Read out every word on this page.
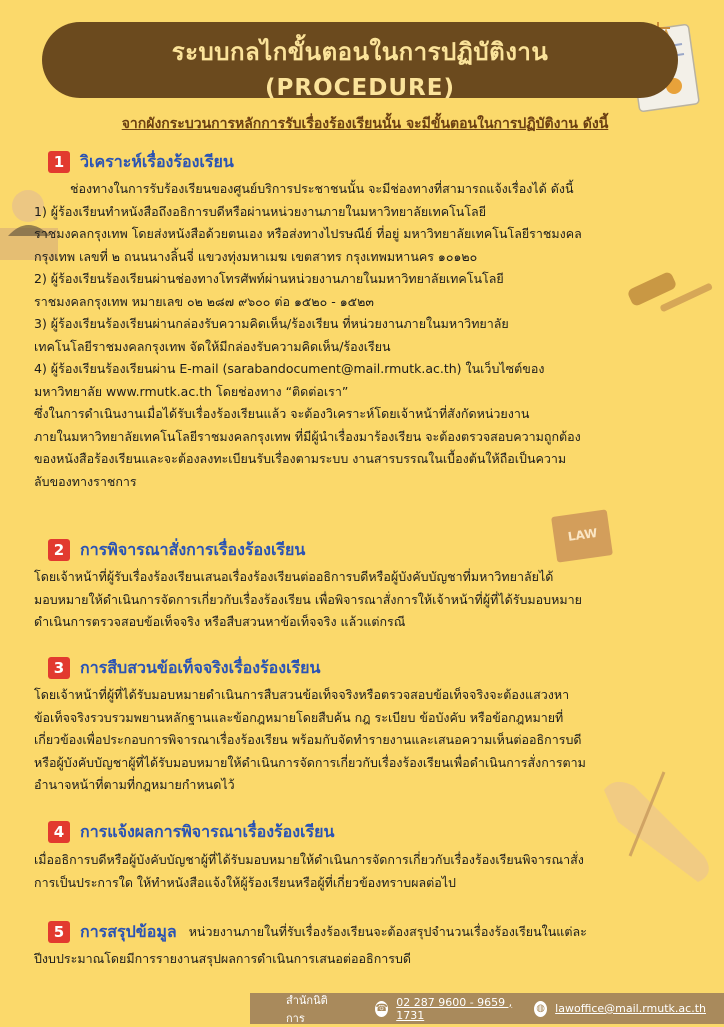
LAW
ระบบกลไกขั้นตอนในการปฏิบัติงาน
(PROCEDURE)
จากผังกระบวนการหลักการรับเรื่องร้องเรียนนั้น จะมีขั้นตอนในการปฏิบัติงาน ดังนี้
1 วิเคราะห์เรื่องร้องเรียน
ช่องทางในการรับร้องเรียนของศูนย์บริการประชาชนนั้น จะมีช่องทางที่สามารถแจ้งเรื่องได้ ดังนี้
1) ผู้ร้องเรียนทำหนังสือถึงอธิการบดีหรือผ่านหน่วยงานภายในมหาวิทยาลัยเทคโนโลยี
ราชมงคลกรุงเทพ โดยส่งหนังสือด้วยตนเอง หรือส่งทางไปรษณีย์ ที่อยู่ มหาวิทยาลัยเทคโนโลยีราชมงคล
กรุงเทพ เลขที่ ๒ ถนนนางลิ้นจี่ แขวงทุ่งมหาเมฆ เขตสาทร กรุงเทพมหานคร ๑๐๑๒๐
2) ผู้ร้องเรียนร้องเรียนผ่านช่องทางโทรศัพท์ผ่านหน่วยงานภายในมหาวิทยาลัยเทคโนโลยี
ราชมงคลกรุงเทพ หมายเลข ๐๒ ๒๘๗ ๙๖๐๐ ต่อ ๑๕๒๐ - ๑๕๒๓
3) ผู้ร้องเรียนร้องเรียนผ่านกล่องรับความคิดเห็น/ร้องเรียน ที่หน่วยงานภายในมหาวิทยาลัย
เทคโนโลยีราชมงคลกรุงเทพ จัดให้มีกล่องรับความคิดเห็น/ร้องเรียน
4) ผู้ร้องเรียนร้องเรียนผ่าน E-mail (sarabandocument@mail.rmutk.ac.th) ในเว็บไซต์ของ
มหาวิทยาลัย www.rmutk.ac.th โดยช่องทาง “ติดต่อเรา”
ซึ่งในการดำเนินงานเมื่อได้รับเรื่องร้องเรียนแล้ว จะต้องวิเคราะห์โดยเจ้าหน้าที่สังกัดหน่วยงาน
ภายในมหาวิทยาลัยเทคโนโลยีราชมงคลกรุงเทพ ที่มีผู้นำเรื่องมาร้องเรียน จะต้องตรวจสอบความถูกต้อง
ของหนังสือร้องเรียนและจะต้องลงทะเบียนรับเรื่องตามระบบ งานสารบรรณในเบื้องต้นให้ถือเป็นความ
ลับของทางราชการ
2 การพิจารณาสั่งการเรื่องร้องเรียน
โดยเจ้าหน้าที่ผู้รับเรื่องร้องเรียนเสนอเรื่องร้องเรียนต่ออธิการบดีหรือผู้บังคับบัญชาที่มหาวิทยาลัยได้
มอบหมายให้ดำเนินการจัดการเกี่ยวกับเรื่องร้องเรียน เพื่อพิจารณาสั่งการให้เจ้าหน้าที่ผู้ที่ได้รับมอบหมาย
ดำเนินการตรวจสอบข้อเท็จจริง หรือสืบสวนหาข้อเท็จจริง แล้วแต่กรณี
3 การสืบสวนข้อเท็จจริงเรื่องร้องเรียน
โดยเจ้าหน้าที่ผู้ที่ได้รับมอบหมายดำเนินการสืบสวนข้อเท็จจริงหรือตรวจสอบข้อเท็จจริงจะต้องแสวงหา
ข้อเท็จจริงรวบรวมพยานหลักฐานและข้อกฎหมายโดยสืบค้น กฎ ระเบียบ ข้อบังคับ หรือข้อกฎหมายที่
เกี่ยวข้องเพื่อประกอบการพิจารณาเรื่องร้องเรียน พร้อมกับจัดทำรายงานและเสนอความเห็นต่ออธิการบดี
หรือผู้บังคับบัญชาผู้ที่ได้รับมอบหมายให้ดำเนินการจัดการเกี่ยวกับเรื่องร้องเรียนเพื่อดำเนินการสั่งการตาม
อำนาจหน้าที่ตามที่กฎหมายกำหนดไว้
4 การแจ้งผลการพิจารณาเรื่องร้องเรียน
เมื่ออธิการบดีหรือผู้บังคับบัญชาผู้ที่ได้รับมอบหมายให้ดำเนินการจัดการเกี่ยวกับเรื่องร้องเรียนพิจารณาสั่ง
การเป็นประการใด ให้ทำหนังสือแจ้งให้ผู้ร้องเรียนหรือผู้ที่เกี่ยวข้องทราบผลต่อไป
5 การสรุปข้อมูล หน่วยงานภายในที่รับเรื่องร้องเรียนจะต้องสรุปจำนวนเรื่องร้องเรียนในแต่ละ
ปีงบประมาณโดยมีการรายงานสรุปผลการดำเนินการเสนอต่ออธิการบดี
สำนักนิติการ
☎ 02 287 9600 - 9659 , 1731	◍ lawoffice@mail.rmutk.ac.th
